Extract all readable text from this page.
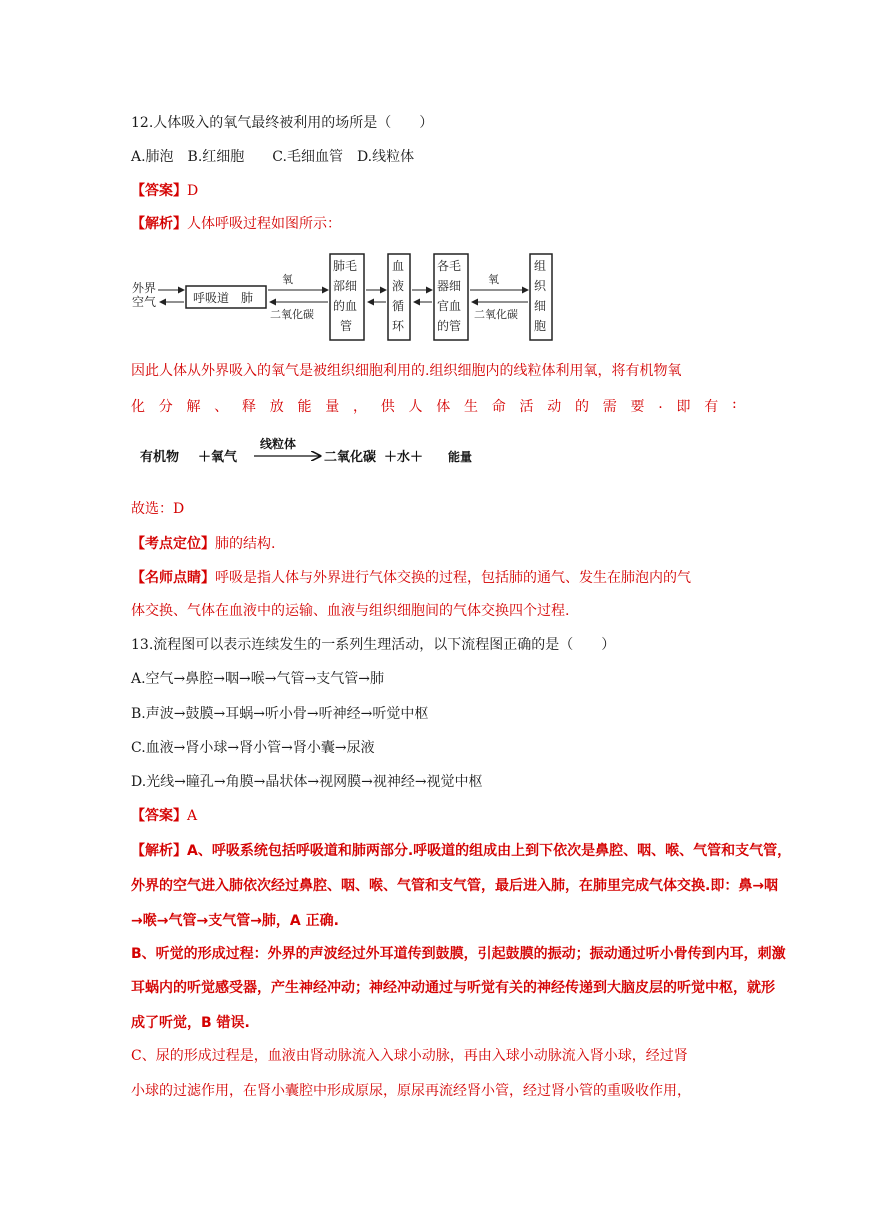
12.人体吸入的氧气最终被利用的场所是（　　）
A.肺泡　B.红细胞　　C.毛细血管　D.线粒体
【答案】D
【解析】人体呼吸过程如图所示：
外界
空气	呼吸道　肺
氧
二氧化碳
肺毛
部细
的血
管
血
液
循
环
各毛
器细
官血
的管
氧
二氧化碳
组
织
细
胞
因此人体从外界吸入的氧气是被组织细胞利用的.组织细胞内的线粒体利用氧，将有机物氧
化 分 解 、 释 放 能 量 ， 供 人 体 生 命 活 动 的 需 要 . 即 有 :
有机物 ＋氧气
线粒体
二氧化碳 ＋水＋ 能量
故选：D
【考点定位】肺的结构.
【名师点睛】呼吸是指人体与外界进行气体交换的过程，包括肺的通气、发生在肺泡内的气
体交换、气体在血液中的运输、血液与组织细胞间的气体交换四个过程.
13.流程图可以表示连续发生的一系列生理活动，以下流程图正确的是（　　）
A.空气→鼻腔→咽→喉→气管→支气管→肺
B.声波→鼓膜→耳蜗→听小骨→听神经→听觉中枢
C.血液→肾小球→肾小管→肾小囊→尿液
D.光线→瞳孔→角膜→晶状体→视网膜→视神经→视觉中枢
【答案】A
【解析】A、呼吸系统包括呼吸道和肺两部分.呼吸道的组成由上到下依次是鼻腔、咽、喉、气管和支气管，
外界的空气进入肺依次经过鼻腔、咽、喉、气管和支气管，最后进入肺，在肺里完成气体交换.即：鼻→咽
→喉→气管→支气管→肺，A 正确.
B、听觉的形成过程：外界的声波经过外耳道传到鼓膜，引起鼓膜的振动；振动通过听小骨传到内耳，刺激
耳蜗内的听觉感受器，产生神经冲动；神经冲动通过与听觉有关的神经传递到大脑皮层的听觉中枢，就形
成了听觉，B 错误.
C、尿的形成过程是，血液由肾动脉流入入球小动脉，再由入球小动脉流入肾小球，经过肾
小球的过滤作用，在肾小囊腔中形成原尿，原尿再流经肾小管，经过肾小管的重吸收作用，
